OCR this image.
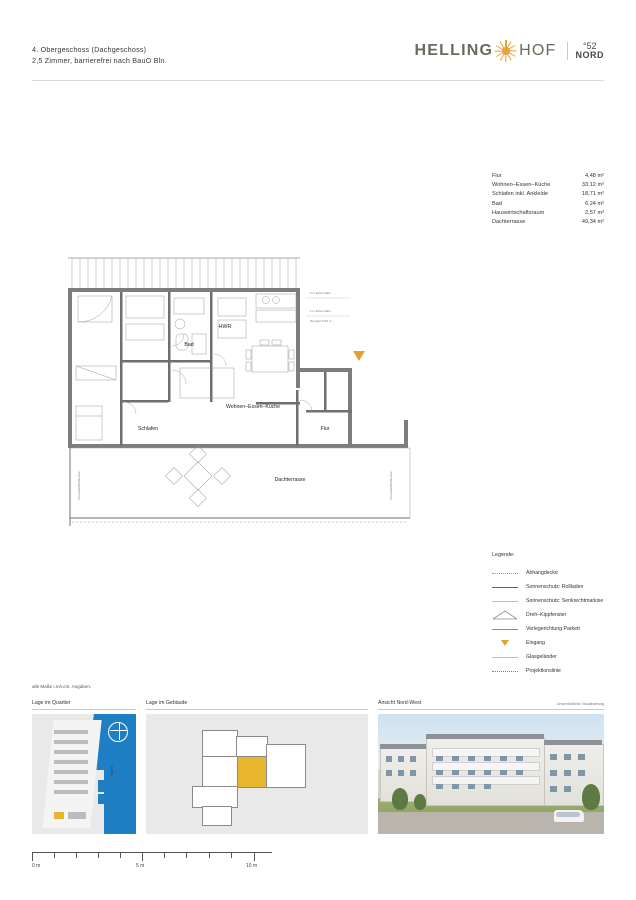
4. Obergeschoss (Dachgeschoss)
2,5 Zimmer, barrierefrei nach BauO Bln.
HELLING HOF	°52
NORD
Flur	4,48 m²
Wohnen–Essen–Küche	33,12 m²
Schlafen inkl. Ankleide	18,71 m²
Bad	6,24 m²
Hauswirtschaftsraum	2,57 m²
Dachterrasse	49,34 m²
2 m lichte Höhe
1 m lichte Höhe
Drempel 0,60 m
Terrassenfl\u00e4che	Terrassenfl\u00e4che
HWR
Bad
Schlafen
Wohnen–Essen–Küche
Flur
Dachterrasse
Legende:
Abhangdecke
Sonnenschutz: Rollladen
Sonnenschutz: Senkrechtmarkise
Dreh–Kippfenster
Verlegerichtung Parkett
Eingang
Glasgeländer
Projektionslinie
alle Maße i.m/i.cm. Angaben.
Lage im Quartier
Spree
Lage im Gebäude	Ansicht Nord-West	Unverbindliche Visualisierung
0 m	5 m	10 m
